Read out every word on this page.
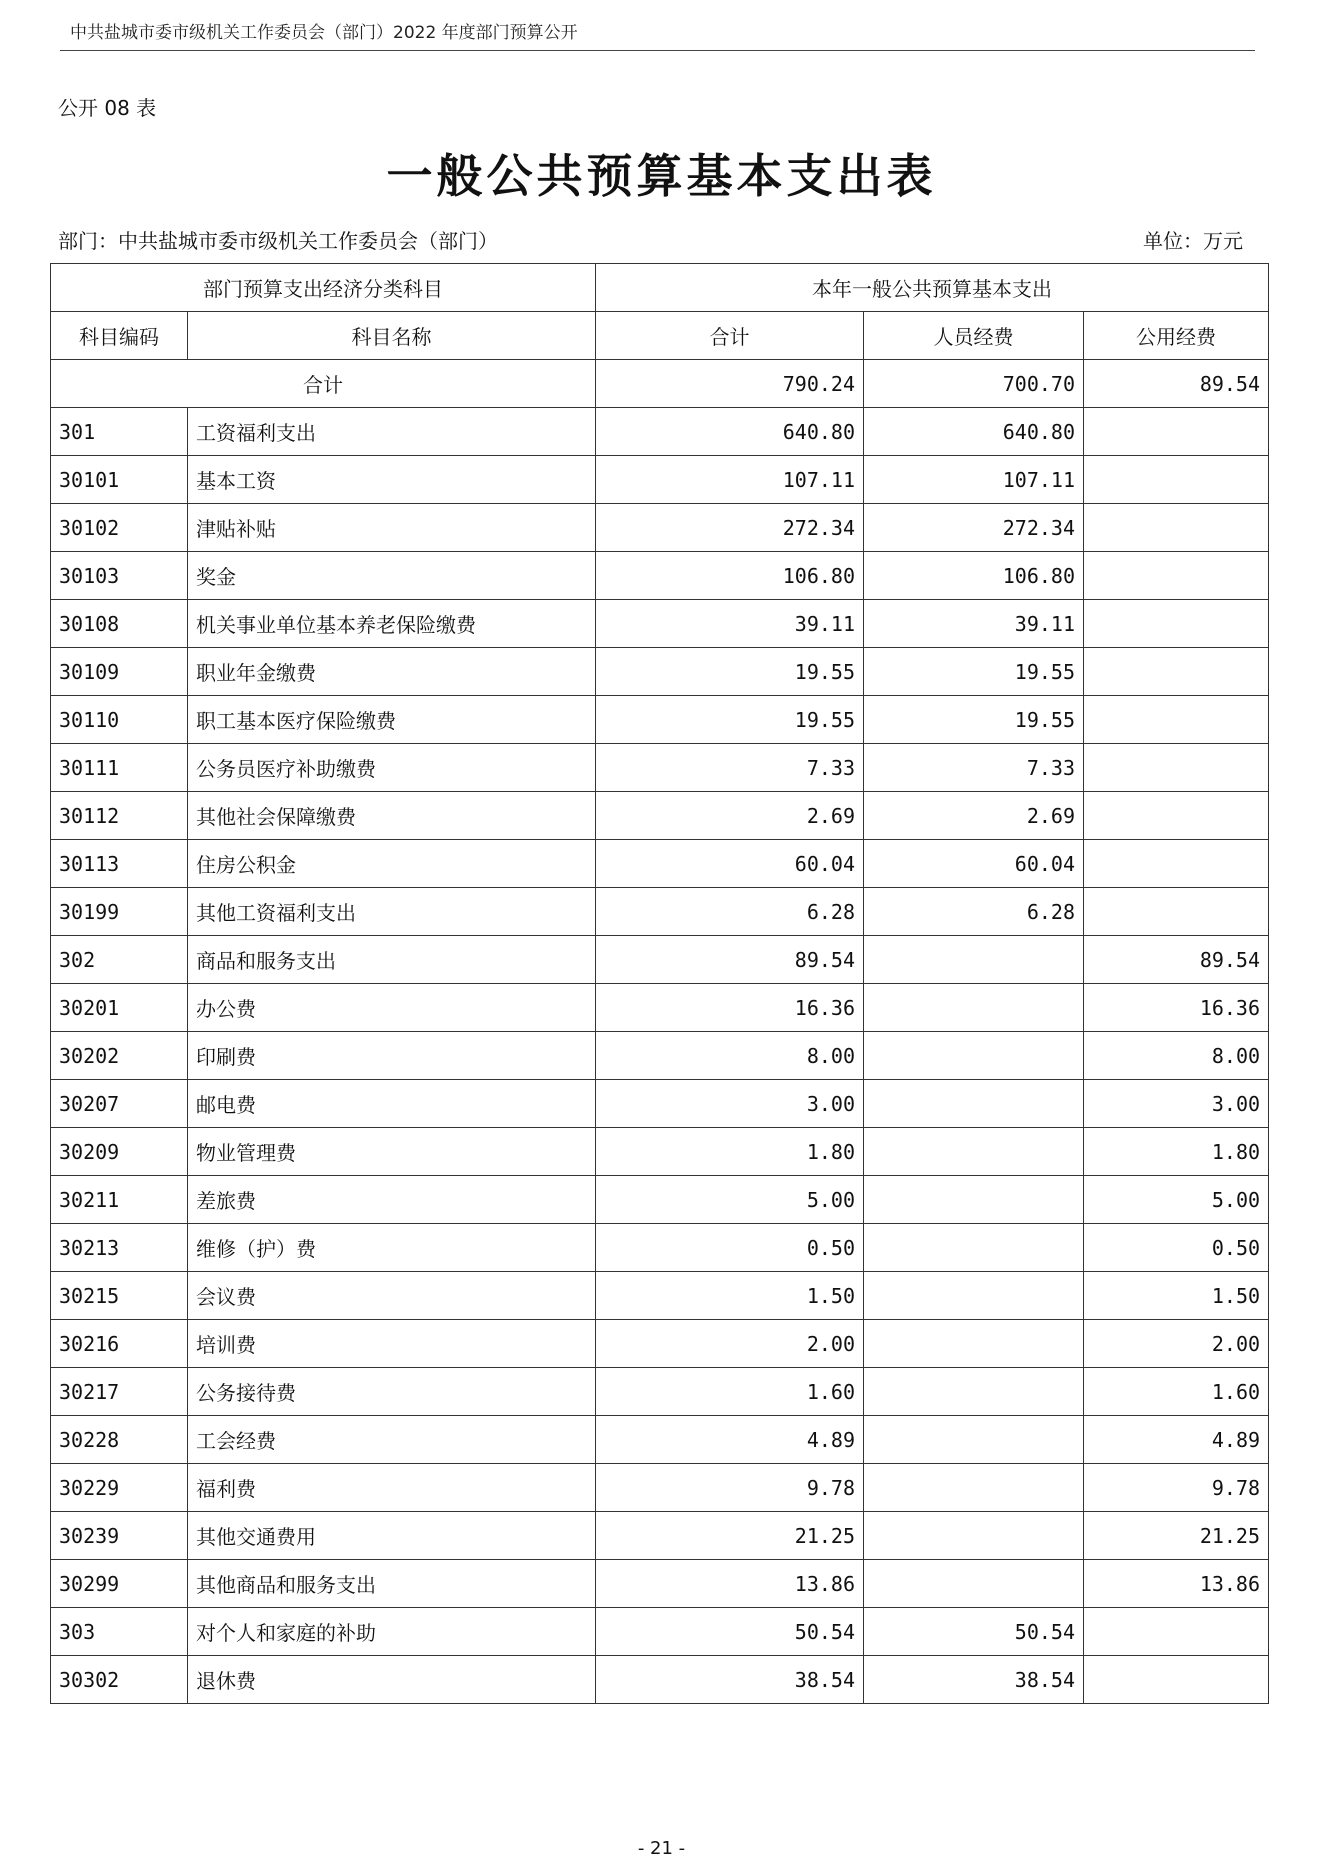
中共盐城市委市级机关工作委员会（部门）2022 年度部门预算公开
公开 08 表
一般公共预算基本支出表
部门：中共盐城市委市级机关工作委员会（部门）	单位：万元
部门预算支出经济分类科目		本年一般公共预算基本支出		
科目编码	科目名称	合计	人员经费	公用经费
合计		790.24	700.70	89.54
301	工资福利支出	640.80	640.80	
30101	基本工资	107.11	107.11	
30102	津贴补贴	272.34	272.34	
30103	奖金	106.80	106.80	
30108	机关事业单位基本养老保险缴费	39.11	39.11	
30109	职业年金缴费	19.55	19.55	
30110	职工基本医疗保险缴费	19.55	19.55	
30111	公务员医疗补助缴费	7.33	7.33	
30112	其他社会保障缴费	2.69	2.69	
30113	住房公积金	60.04	60.04	
30199	其他工资福利支出	6.28	6.28	
302	商品和服务支出	89.54		89.54
30201	办公费	16.36		16.36
30202	印刷费	8.00		8.00
30207	邮电费	3.00		3.00
30209	物业管理费	1.80		1.80
30211	差旅费	5.00		5.00
30213	维修（护）费	0.50		0.50
30215	会议费	1.50		1.50
30216	培训费	2.00		2.00
30217	公务接待费	1.60		1.60
30228	工会经费	4.89		4.89
30229	福利费	9.78		9.78
30239	其他交通费用	21.25		21.25
30299	其他商品和服务支出	13.86		13.86
303	对个人和家庭的补助	50.54	50.54	
30302	退休费	38.54	38.54	
- 21 -
